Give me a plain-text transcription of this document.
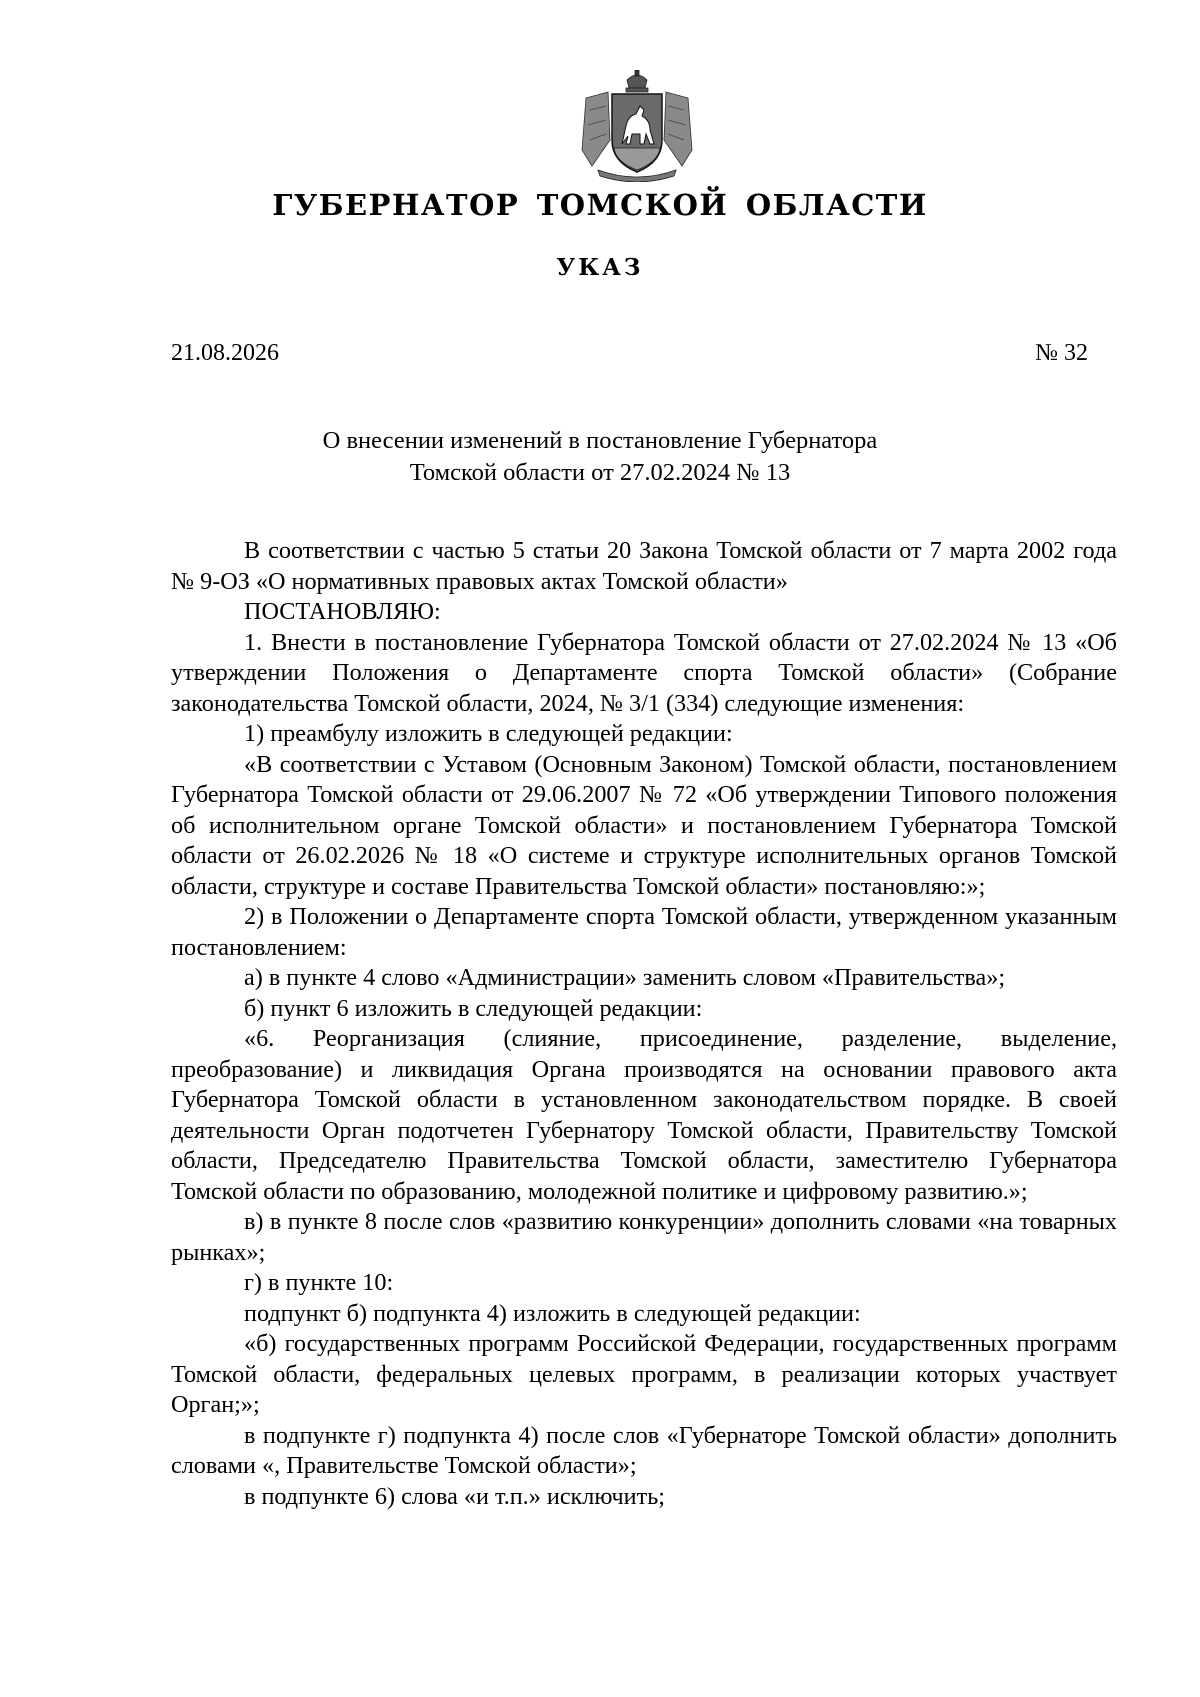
ГУБЕРНАТОР ТОМСКОЙ ОБЛАСТИ
УКАЗ
21.08.2026	№ 32
О внесении изменений в постановление Губернатора
Томской области от 27.02.2024 № 13

В соответствии с частью 5 статьи 20 Закона Томской области от 7 марта 2002 года № 9-ОЗ «О нормативных правовых актах Томской области»

ПОСТАНОВЛЯЮ:

1. Внести в постановление Губернатора Томской области от 27.02.2024 № 13 «Об утверждении Положения о Департаменте спорта Томской области» (Собрание законодательства Томской области, 2024, № 3/1 (334) следующие изменения:

1) преамбулу изложить в следующей редакции:

«В соответствии с Уставом (Основным Законом) Томской области, постановлением Губернатора Томской области от 29.06.2007 № 72 «Об утверждении Типового положения об исполнительном органе Томской области» и постановлением Губернатора Томской области от 26.02.2026 № 18 «О системе и структуре исполнительных органов Томской области, структуре и составе Правительства Томской области» постановляю:»;

2) в Положении о Департаменте спорта Томской области, утвержденном указанным постановлением:

а) в пункте 4 слово «Администрации» заменить словом «Правительства»;

б) пункт 6 изложить в следующей редакции:

«6. Реорганизация (слияние, присоединение, разделение, выделение, преобразование) и ликвидация Органа производятся на основании правового акта Губернатора Томской области в установленном законодательством порядке. В своей деятельности Орган подотчетен Губернатору Томской области, Правительству Томской области, Председателю Правительства Томской области, заместителю Губернатора Томской области по образованию, молодежной политике и цифровому развитию.»;

в) в пункте 8 после слов «развитию конкуренции» дополнить словами «на товарных рынках»;

г) в пункте 10:

подпункт б) подпункта 4) изложить в следующей редакции:

«б) государственных программ Российской Федерации, государственных программ Томской области, федеральных целевых программ, в реализации которых участвует Орган;»;

в подпункте г) подпункта 4) после слов «Губернаторе Томской области» дополнить словами «, Правительстве Томской области»;

в подпункте 6) слова «и т.п.» исключить;
